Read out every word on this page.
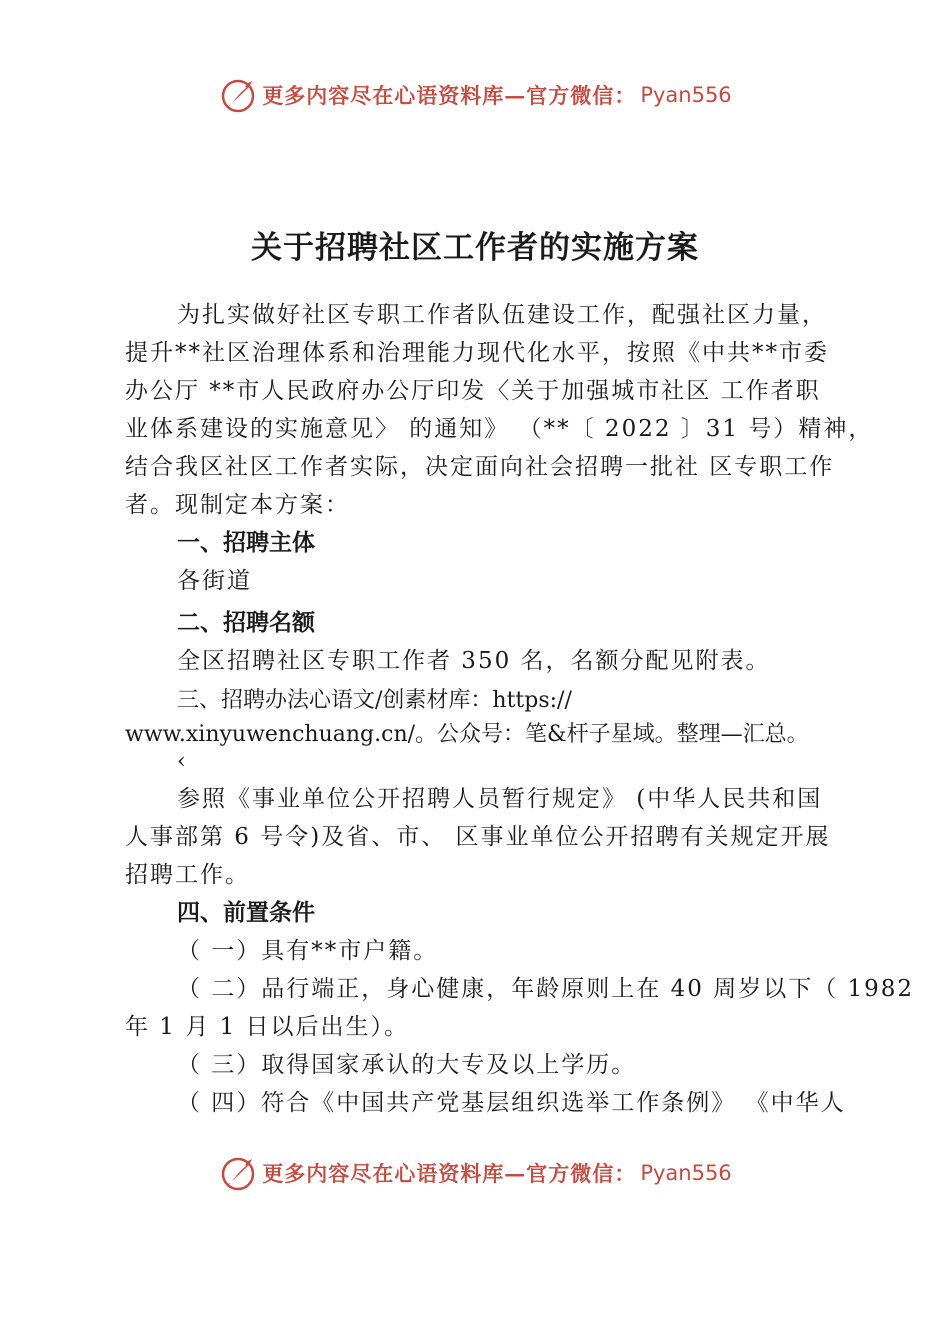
更多内容尽在心语资料库—官方微信： Pyan556
关于招聘社区工作者的实施方案
为扎实做好社区专职工作者队伍建设工作，配强社区力量，
提升**社区治理体系和治理能力现代化水平，按照《中共**市委
办公厅 **市人民政府办公厅印发〈关于加强城市社区 工作者职
业体系建设的实施意见〉 的通知》 （**〔 2022 〕31 号）精神，
结合我区社区工作者实际，决定面向社会招聘一批社 区专职工作
者。现制定本方案：
一、招聘主体
各街道
二、招聘名额
全区招聘社区专职工作者 350 名，名额分配见附表。
三、招聘办法心语文/创素材库：https://
www.xinyuwenchuang.cn/。公众号：笔&杆子星域。整理—汇总。
‹
参照《事业单位公开招聘人员暂行规定》 (中华人民共和国
人事部第 6 号令)及省、市、 区事业单位公开招聘有关规定开展
招聘工作。
四、前置条件
（ 一）具有**市户籍。
（ 二）品行端正，身心健康，年龄原则上在 40 周岁以下（ 1982
年 1 月 1 日以后出生）。
（ 三）取得国家承认的大专及以上学历。
（ 四）符合《中国共产党基层组织选举工作条例》 《中华人
更多内容尽在心语资料库—官方微信： Pyan556
